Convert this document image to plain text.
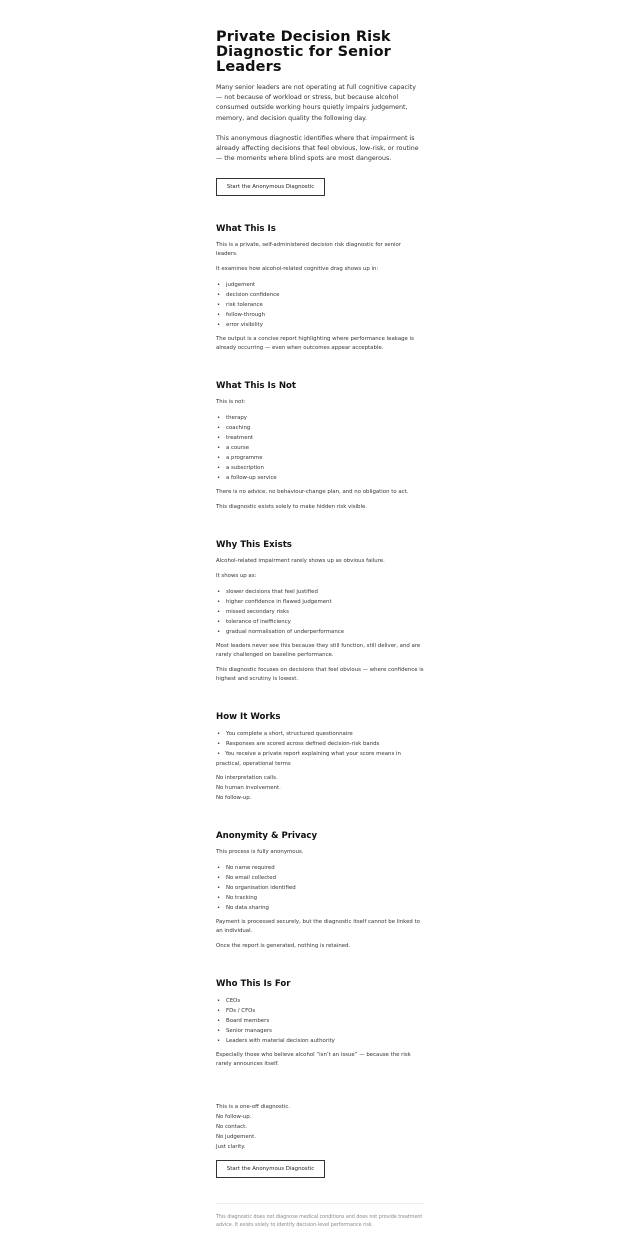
Private Decision Risk Diagnostic for Senior Leaders

Many senior leaders are not operating at full cognitive capacity — not because of workload or stress, but because alcohol consumed outside working hours quietly impairs judgement, memory, and decision quality the following day.

This anonymous diagnostic identifies where that impairment is already affecting decisions that feel obvious, low-risk, or routine — the moments where blind spots are most dangerous.

Start the Anonymous Diagnostic
What This Is

This is a private, self-administered decision risk diagnostic for senior leaders.

It examines how alcohol-related cognitive drag shows up in:

• judgement
• decision confidence
• risk tolerance
• follow-through
• error visibility

The output is a concise report highlighting where performance leakage is already occurring — even when outcomes appear acceptable.

What This Is Not

This is not:

• therapy
• coaching
• treatment
• a course
• a programme
• a subscription
• a follow-up service

There is no advice, no behaviour-change plan, and no obligation to act.

This diagnostic exists solely to make hidden risk visible.

Why This Exists

Alcohol-related impairment rarely shows up as obvious failure.

It shows up as:

• slower decisions that feel justified
• higher confidence in flawed judgement
• missed secondary risks
• tolerance of inefficiency
• gradual normalisation of underperformance

Most leaders never see this because they still function, still deliver, and are rarely challenged on baseline performance.

This diagnostic focuses on decisions that feel obvious — where confidence is highest and scrutiny is lowest.

How It Works
• You complete a short, structured questionnaire
• Responses are scored across defined decision-risk bands
• You receive a private report explaining what your score means in practical, operational terms

No interpretation calls.

No human involvement.

No follow-up.

Anonymity & Privacy

This process is fully anonymous.

• No name required
• No email collected
• No organisation identified
• No tracking
• No data sharing

Payment is processed securely, but the diagnostic itself cannot be linked to an individual.

Once the report is generated, nothing is retained.

Who This Is For
• CEOs
• FDs / CFOs
• Board members
• Senior managers
• Leaders with material decision authority

Especially those who believe alcohol “isn’t an issue” — because the risk rarely announces itself.

This is a one-off diagnostic.

No follow-up.

No contact.

No judgement.

Just clarity.

Start the Anonymous Diagnostic

This diagnostic does not diagnose medical conditions and does not provide treatment advice. It exists solely to identify decision-level performance risk.
